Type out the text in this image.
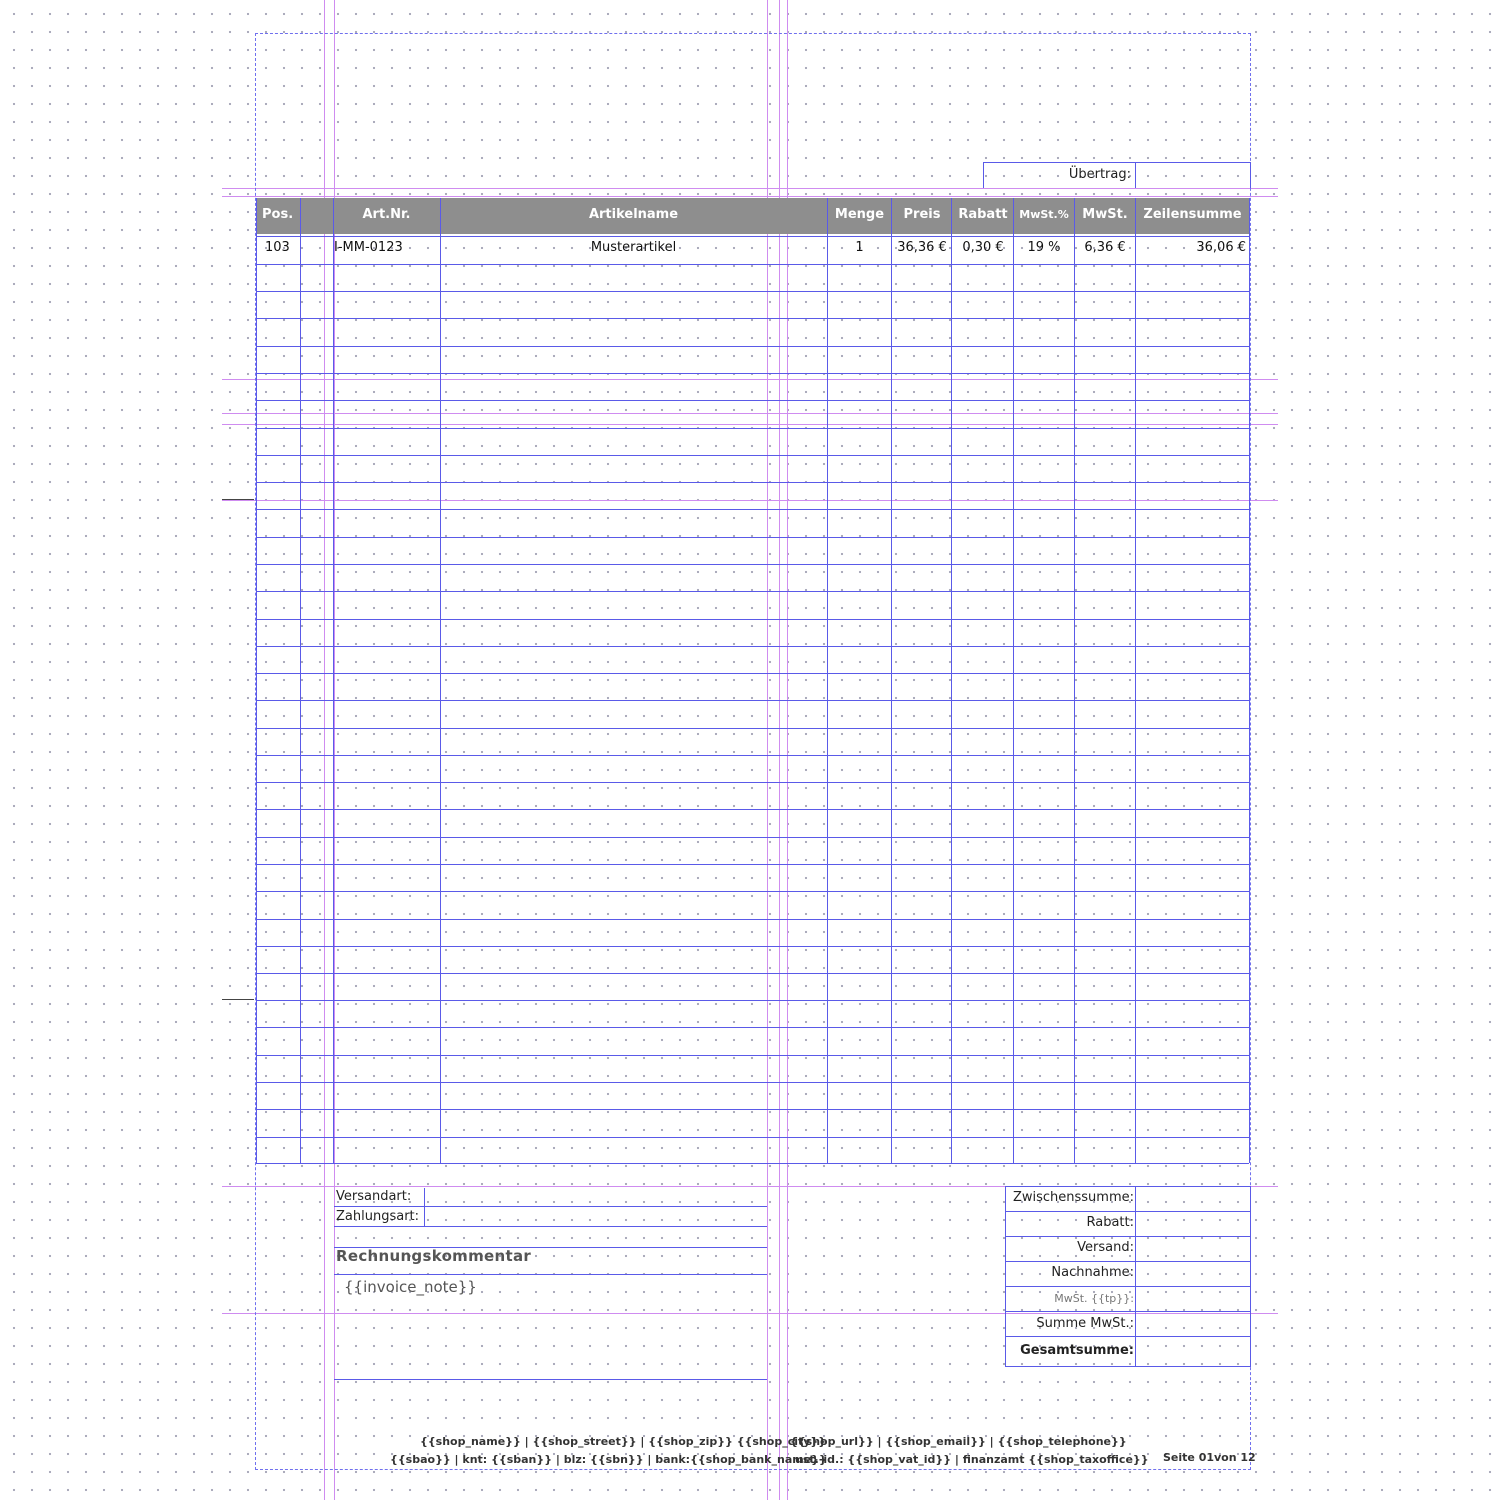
Übertrag:
Pos.	Art.Nr.	Artikelname	Menge	Preis	Rabatt	MwSt.%	MwSt.	Zeilensumme
103	I-MM-0123	Musterartikel	1	36,36 €	0,30 €	19 %	6,36 €	36,06 €
Versandart:
Zahlungsart:
Rechnungskommentar
{{invoice_note}}
Zwischenssumme:
Rabatt:
Versand:
Nachnahme:
MwSt. {{tp}}:
Summe MwSt.:
Gesamtsumme:
{{shop_name}} | {{shop_street}} | {{shop_zip}} {{shop_city}}
{{shop_url}} | {{shop_email}} | {{shop_telephone}}
{{sbao}} | knt: {{sban}} | blz: {{sbn}} | bank:{{shop_bank_name}}
ust.-id.: {{shop_vat_id}} | finanzamt {{shop_taxoffice}} Seite 01von 12
